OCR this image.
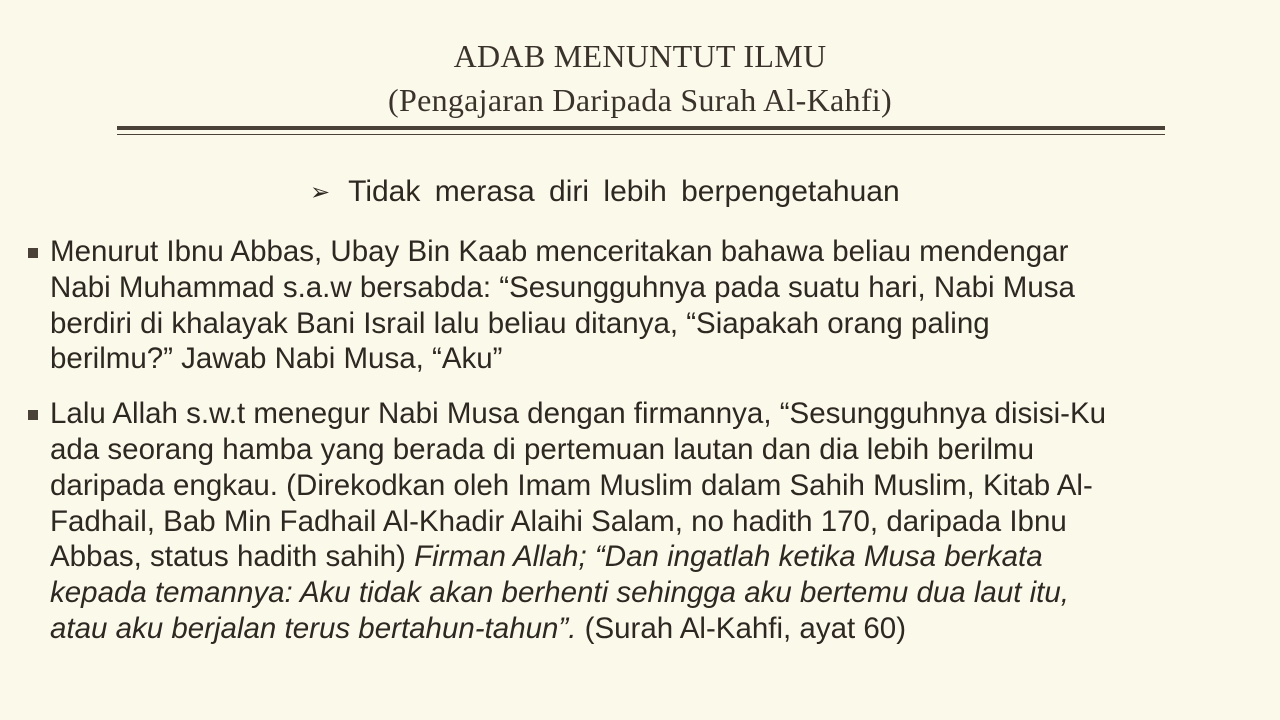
ADAB MENUNTUT ILMU
(Pengajaran Daripada Surah Al-Kahfi)
➢ Tidak merasa diri lebih berpengetahuan
Menurut Ibnu Abbas, Ubay Bin Kaab menceritakan bahawa beliau mendengar
Nabi Muhammad s.a.w bersabda: “Sesungguhnya pada suatu hari, Nabi Musa
berdiri di khalayak Bani Israil lalu beliau ditanya, “Siapakah orang paling
berilmu?” Jawab Nabi Musa, “Aku”
Lalu Allah s.w.t menegur Nabi Musa dengan firmannya, “Sesungguhnya disisi-Ku
ada seorang hamba yang berada di pertemuan lautan dan dia lebih berilmu
daripada engkau. (Direkodkan oleh Imam Muslim dalam Sahih Muslim, Kitab Al-
Fadhail, Bab Min Fadhail Al-Khadir Alaihi Salam, no hadith 170, daripada Ibnu
Abbas, status hadith sahih) Firman Allah; “Dan ingatlah ketika Musa berkata
kepada temannya: Aku tidak akan berhenti sehingga aku bertemu dua laut itu,
atau aku berjalan terus bertahun-tahun”. (Surah Al-Kahfi, ayat 60)
